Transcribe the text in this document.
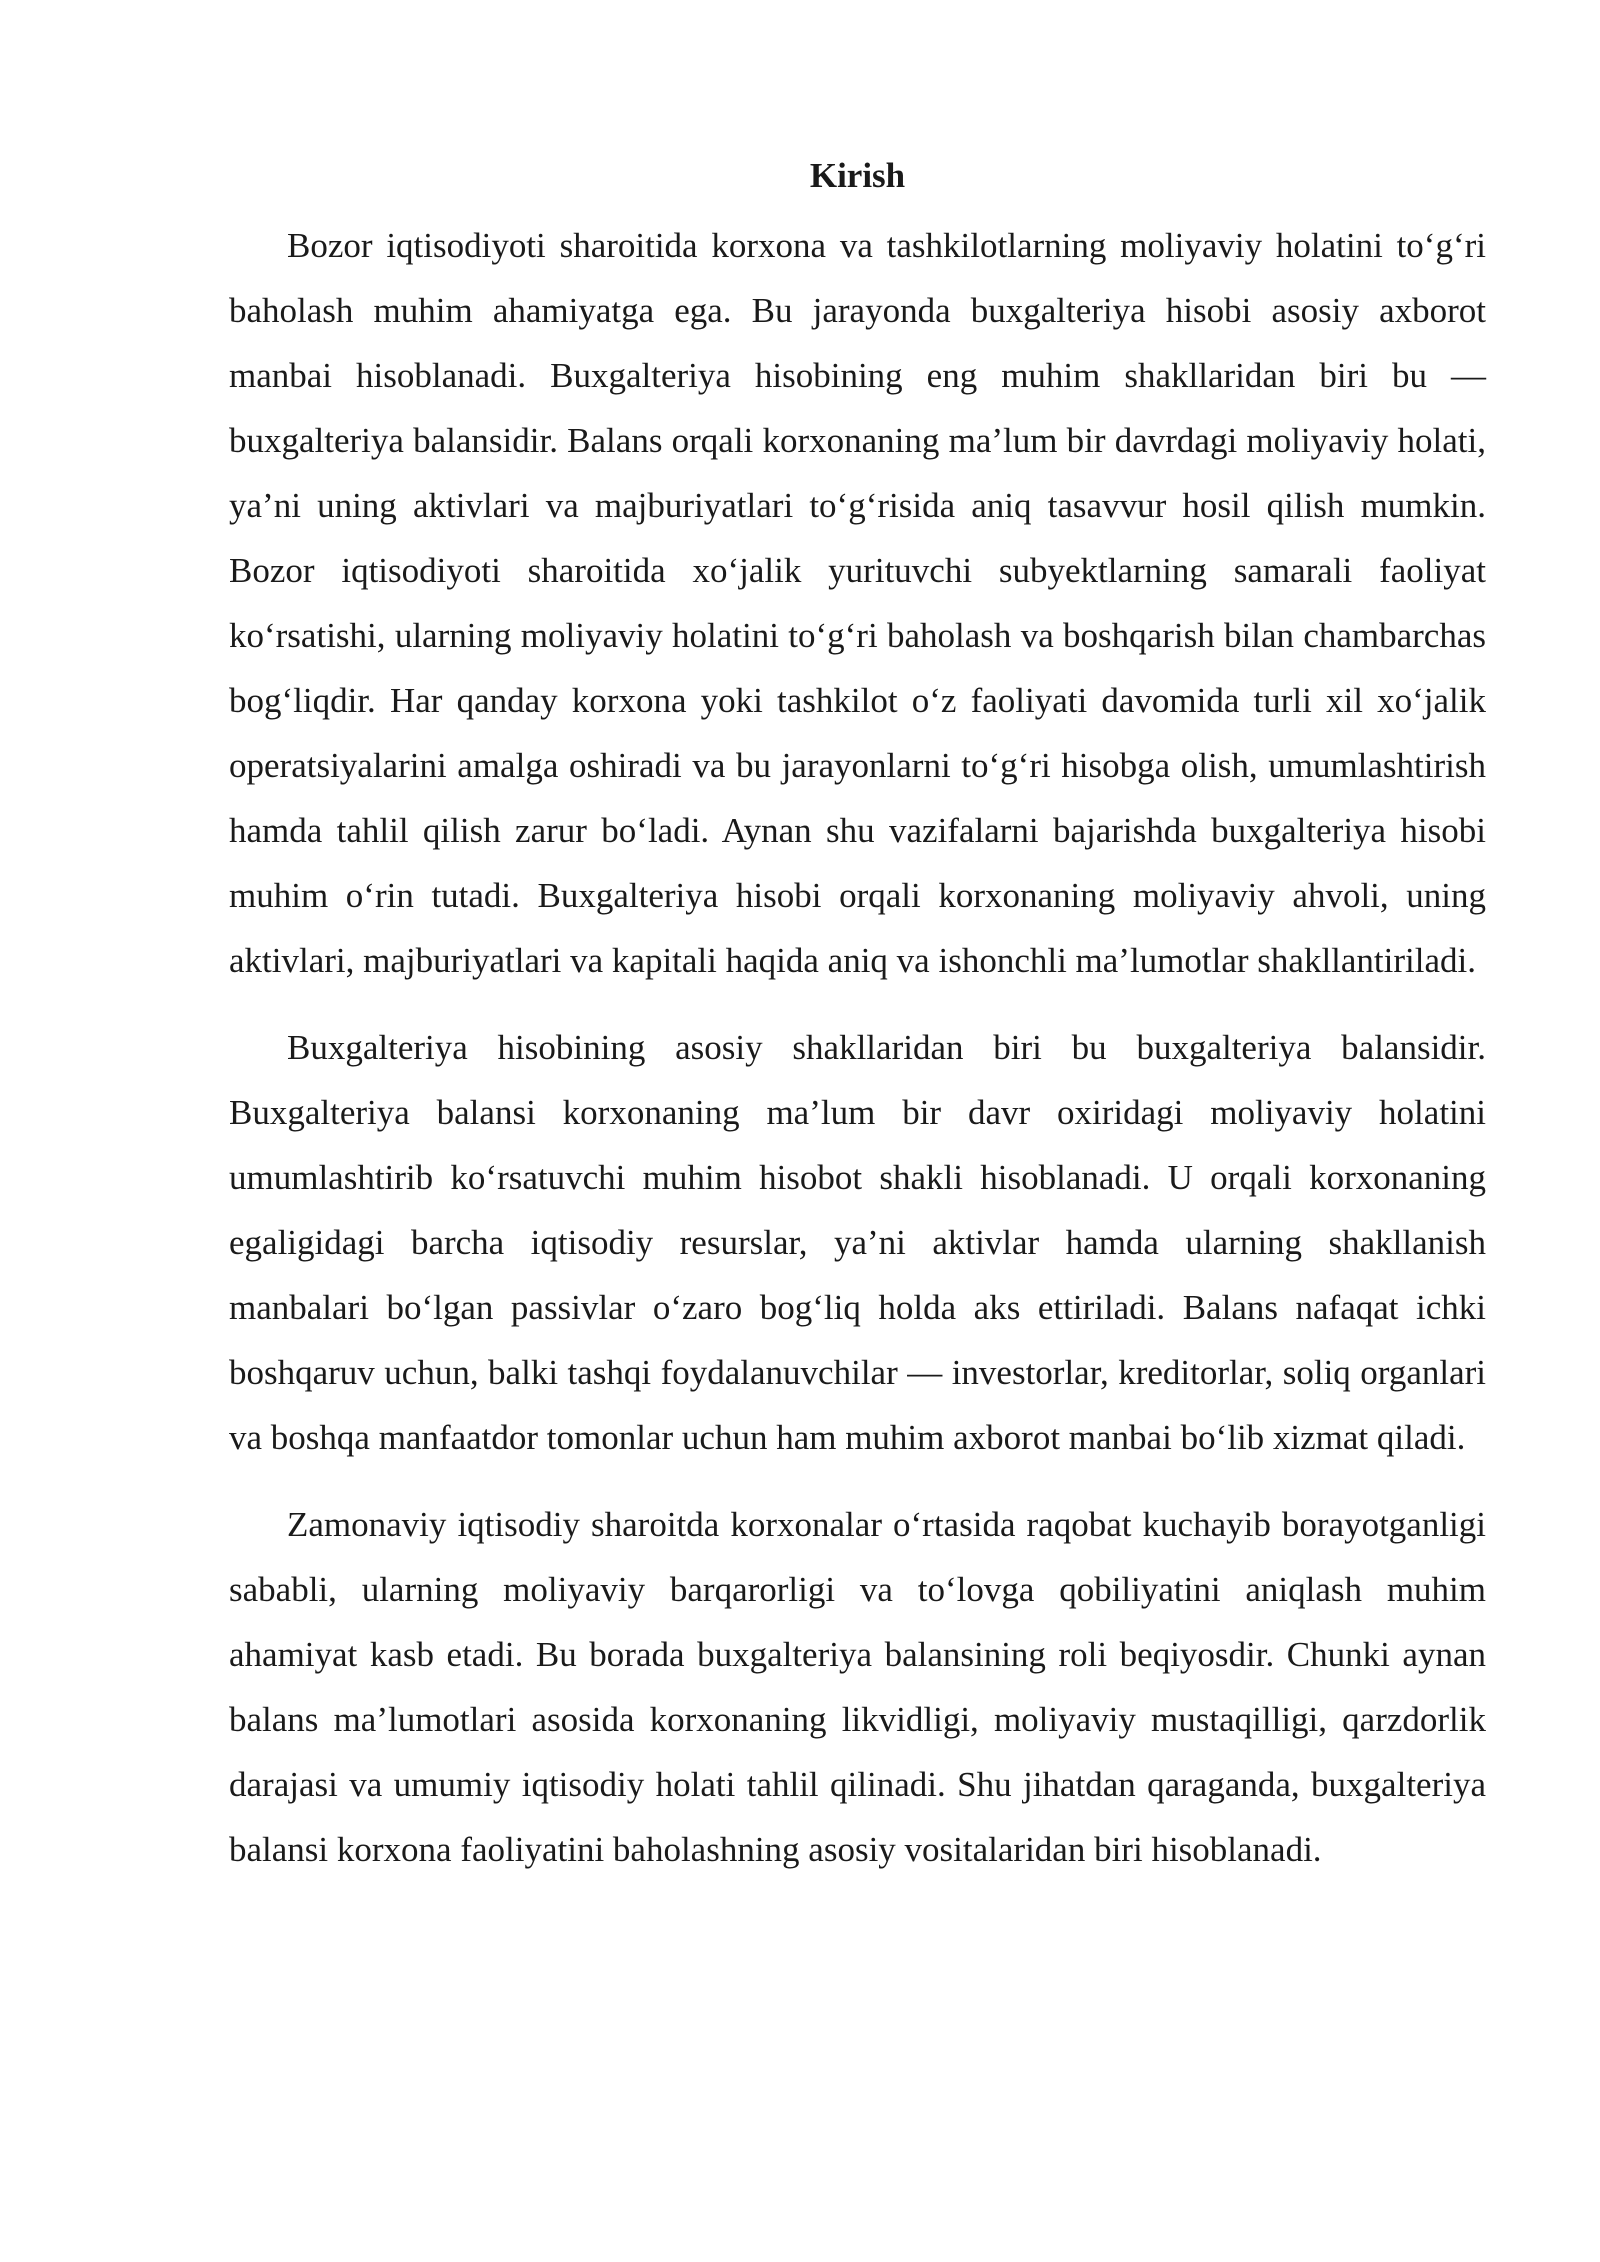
Kirish

Bozor iqtisodiyoti sharoitida korxona va tashkilotlarning moliyaviy holatini to‘g‘ri baholash muhim ahamiyatga ega. Bu jarayonda buxgalteriya hisobi asosiy axborot manbai hisoblanadi. Buxgalteriya hisobining eng muhim shakllaridan biri bu — buxgalteriya balansidir. Balans orqali korxonaning ma’lum bir davrdagi moliyaviy holati, ya’ni uning aktivlari va majburiyatlari to‘g‘risida aniq tasavvur hosil qilish mumkin. Bozor iqtisodiyoti sharoitida xo‘jalik yurituvchi subyektlarning samarali faoliyat ko‘rsatishi, ularning moliyaviy holatini to‘g‘ri baholash va boshqarish bilan chambarchas bog‘liqdir. Har qanday korxona yoki tashkilot o‘z faoliyati davomida turli xil xo‘jalik operatsiyalarini amalga oshiradi va bu jarayonlarni to‘g‘ri hisobga olish, umumlashtirish hamda tahlil qilish zarur bo‘ladi. Aynan shu vazifalarni bajarishda buxgalteriya hisobi muhim o‘rin tutadi. Buxgalteriya hisobi orqali korxonaning moliyaviy ahvoli, uning aktivlari, majburiyatlari va kapitali haqida aniq va ishonchli ma’lumotlar shakllantiriladi.

Buxgalteriya hisobining asosiy shakllaridan biri bu buxgalteriya balansidir. Buxgalteriya balansi korxonaning ma’lum bir davr oxiridagi moliyaviy holatini umumlashtirib ko‘rsatuvchi muhim hisobot shakli hisoblanadi. U orqali korxonaning egaligidagi barcha iqtisodiy resurslar, ya’ni aktivlar hamda ularning shakllanish manbalari bo‘lgan passivlar o‘zaro bog‘liq holda aks ettiriladi. Balans nafaqat ichki boshqaruv uchun, balki tashqi foydalanuvchilar — investorlar, kreditorlar, soliq organlari va boshqa manfaatdor tomonlar uchun ham muhim axborot manbai bo‘lib xizmat qiladi.

Zamonaviy iqtisodiy sharoitda korxonalar o‘rtasida raqobat kuchayib borayotganligi sababli, ularning moliyaviy barqarorligi va to‘lovga qobiliyatini aniqlash muhim ahamiyat kasb etadi. Bu borada buxgalteriya balansining roli beqiyosdir. Chunki aynan balans ma’lumotlari asosida korxonaning likvidligi, moliyaviy mustaqilligi, qarzdorlik darajasi va umumiy iqtisodiy holati tahlil qilinadi. Shu jihatdan qaraganda, buxgalteriya balansi korxona faoliyatini baholashning asosiy vositalaridan biri hisoblanadi.
